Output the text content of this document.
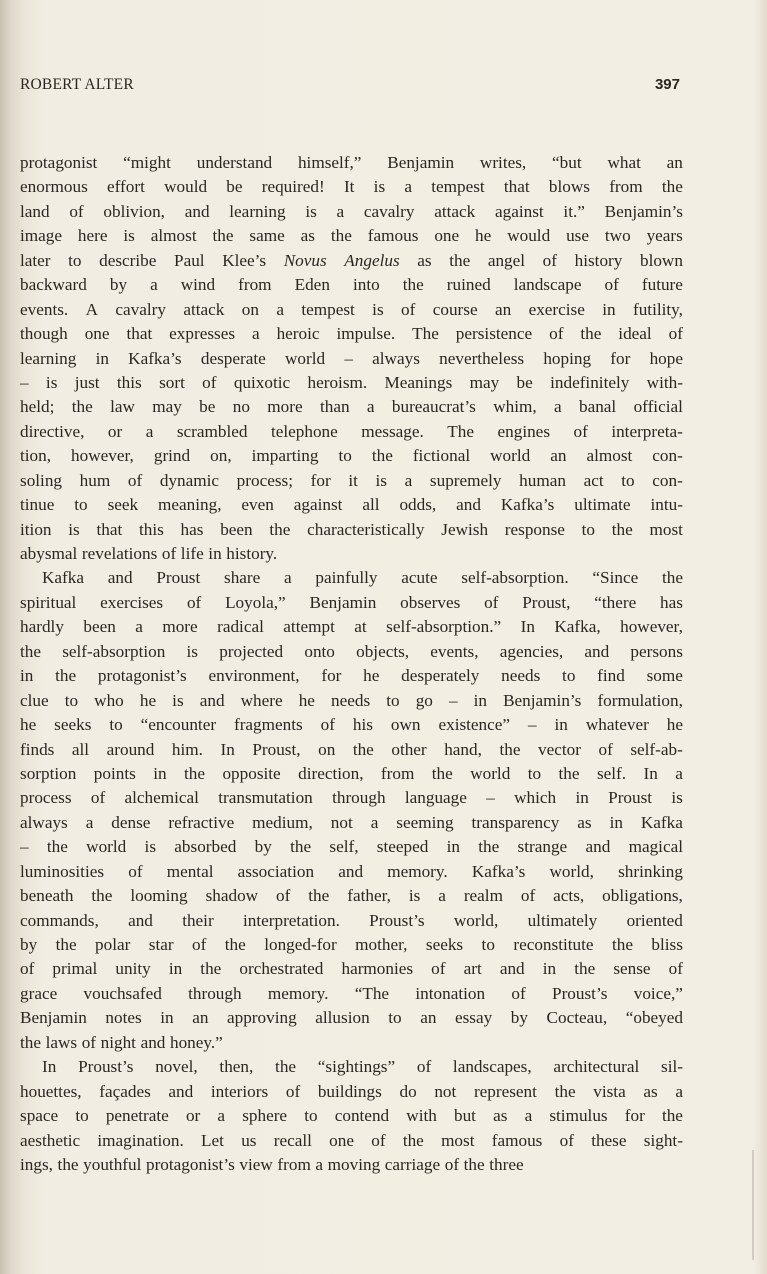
ROBERT ALTER	397
protagonist “might understand himself,” Benjamin writes, “but what an
enormous effort would be required! It is a tempest that blows from the
land of oblivion, and learning is a cavalry attack against it.” Benjamin’s
image here is almost the same as the famous one he would use two years
later to describe Paul Klee’s Novus Angelus as the angel of history blown
backward by a wind from Eden into the ruined landscape of future
events. A cavalry attack on a tempest is of course an exercise in futility,
though one that expresses a heroic impulse. The persistence of the ideal of
learning in Kafka’s desperate world – always nevertheless hoping for hope
– is just this sort of quixotic heroism. Meanings may be indefinitely with-
held; the law may be no more than a bureaucrat’s whim, a banal official
directive, or a scrambled telephone message. The engines of interpreta-
tion, however, grind on, imparting to the fictional world an almost con-
soling hum of dynamic process; for it is a supremely human act to con-
tinue to seek meaning, even against all odds, and Kafka’s ultimate intu-
ition is that this has been the characteristically Jewish response to the most
abysmal revelations of life in history.
Kafka and Proust share a painfully acute self-absorption. “Since the
spiritual exercises of Loyola,” Benjamin observes of Proust, “there has
hardly been a more radical attempt at self-absorption.” In Kafka, however,
the self-absorption is projected onto objects, events, agencies, and persons
in the protagonist’s environment, for he desperately needs to find some
clue to who he is and where he needs to go – in Benjamin’s formulation,
he seeks to “encounter fragments of his own existence” – in whatever he
finds all around him. In Proust, on the other hand, the vector of self-ab-
sorption points in the opposite direction, from the world to the self. In a
process of alchemical transmutation through language – which in Proust is
always a dense refractive medium, not a seeming transparency as in Kafka
– the world is absorbed by the self, steeped in the strange and magical
luminosities of mental association and memory. Kafka’s world, shrinking
beneath the looming shadow of the father, is a realm of acts, obligations,
commands, and their interpretation. Proust’s world, ultimately oriented
by the polar star of the longed-for mother, seeks to reconstitute the bliss
of primal unity in the orchestrated harmonies of art and in the sense of
grace vouchsafed through memory. “The intonation of Proust’s voice,”
Benjamin notes in an approving allusion to an essay by Cocteau, “obeyed
the laws of night and honey.”
In Proust’s novel, then, the “sightings” of landscapes, architectural sil-
houettes, façades and interiors of buildings do not represent the vista as a
space to penetrate or a sphere to contend with but as a stimulus for the
aesthetic imagination. Let us recall one of the most famous of these sight-
ings, the youthful protagonist’s view from a moving carriage of the three
